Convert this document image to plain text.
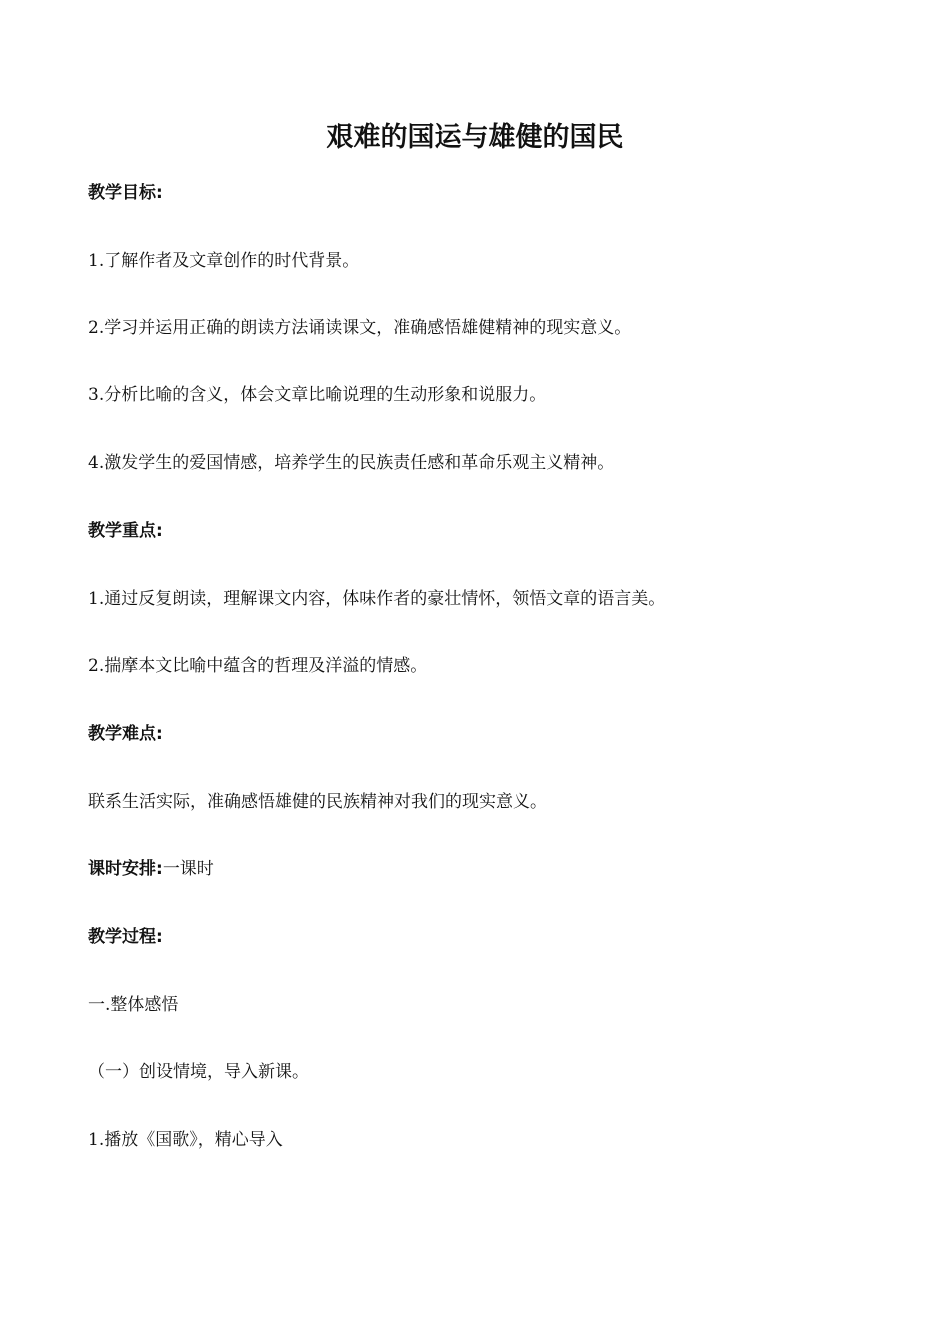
艰难的国运与雄健的国民

教学目标:

1.了解作者及文章创作的时代背景。

2.学习并运用正确的朗读方法诵读课文，准确感悟雄健精神的现实意义。

3.分析比喻的含义，体会文章比喻说理的生动形象和说服力。

4.激发学生的爱国情感，培养学生的民族责任感和革命乐观主义精神。

教学重点:

1.通过反复朗读，理解课文内容，体味作者的豪壮情怀，领悟文章的语言美。

2.揣摩本文比喻中蕴含的哲理及洋溢的情感。

教学难点:

联系生活实际，准确感悟雄健的民族精神对我们的现实意义。

课时安排:一课时

教学过程:

一.整体感悟

（一）创设情境，导入新课。

1.播放《国歌》，精心导入
